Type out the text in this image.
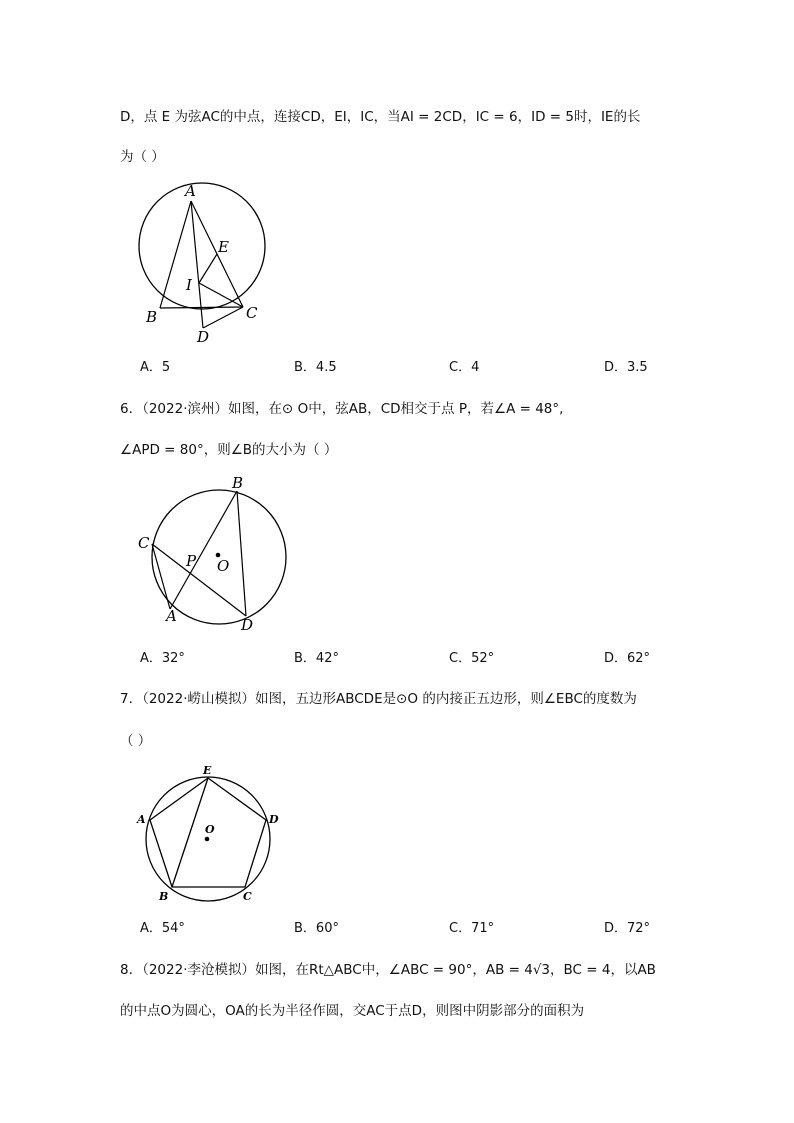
D，点 E 为弦AC的中点，连接CD，EI，IC，当AI = 2CD，IC = 6，ID = 5时，IE的长
为（ ）
A
E
I
B	C
D
A．5	B．4.5	C．4	D．3.5
6．（2022·滨州）如图，在⊙ O中，弦AB，CD相交于点 P，若∠A = 48°,
∠APD = 80°，则∠B的大小为（ ）
B
C
P O
A	D
A．32°	B．42°	C．52°	D．62°
7．（2022·崂山模拟）如图，五边形ABCDE是⊙O 的内接正五边形，则∠EBC的度数为
（ ）
E
A	D
O
B	C
A．54°	B．60°	C．71°	D．72°
8．（2022·李沧模拟）如图，在Rt△ABC中，∠ABC = 90°，AB = 4√3，BC = 4，以AB
的中点O为圆心，OA的长为半径作圆，交AC于点D，则图中阴影部分的面积为
